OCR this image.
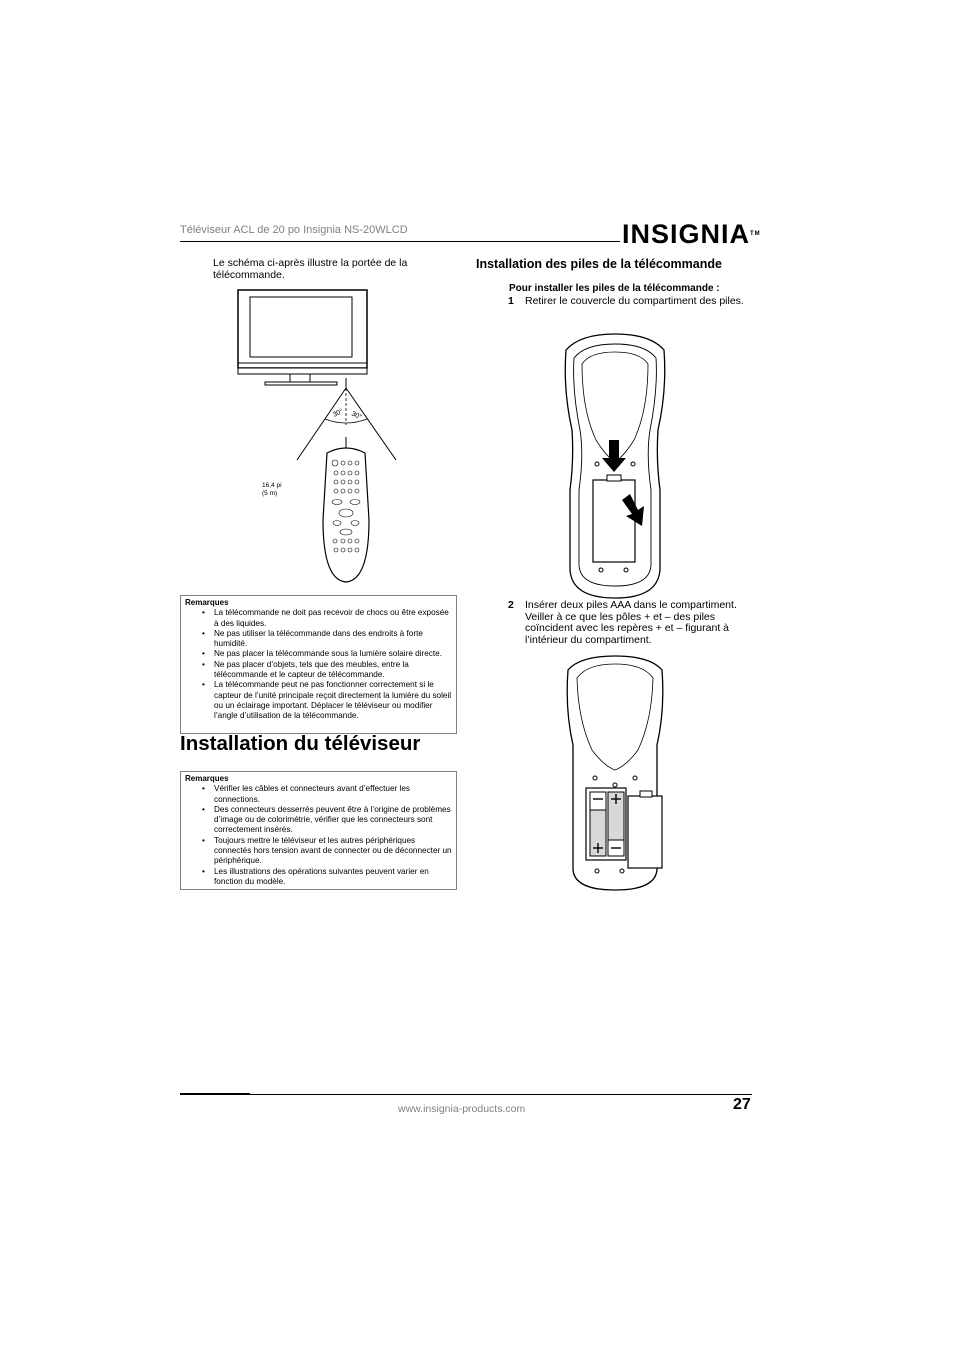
Téléviseur ACL de 20 po Insignia NS-20WLCD	INSIGNIA™
Le schéma ci-après illustre la portée de la télécommande.
30° 30°
16,4 pi
(5 m)
Remarques
• La télécommande ne doit pas recevoir de chocs ou être exposée à des liquides.
• Ne pas utiliser la télécommande dans des endroits à forte humidité.
• Ne pas placer la télécommande sous la lumière solaire directe.
• Ne pas placer d’objets, tels que des meubles, entre la télécommande et le capteur de télécommande.
• La télécommande peut ne pas fonctionner correctement si le capteur de l’unité principale reçoit directement la lumière du soleil ou un éclairage important. Déplacer le téléviseur ou modifier l’angle d’utilisation de la télécommande.
Installation du téléviseur
Remarques
• Vérifier les câbles et connecteurs avant d’effectuer les connections.
• Des connecteurs desserrés peuvent être à l’origine de problèmes d’image ou de colorimétrie, vérifier que les connecteurs sont correctement insérés.
• Toujours mettre le téléviseur et les autres périphériques connectés hors tension avant de connecter ou de déconnecter un périphérique.
• Les illustrations des opérations suivantes peuvent varier en fonction du modèle.
Installation des piles de la télécommande
Pour installer les piles de la télécommande :
1 Retirer le couvercle du compartiment des piles.
2 Insérer deux piles AAA dans le compartiment. Veiller à ce que les pôles + et – des piles coïncident avec les repères + et – figurant à l’intérieur du compartiment.
www.insignia-products.com	27
